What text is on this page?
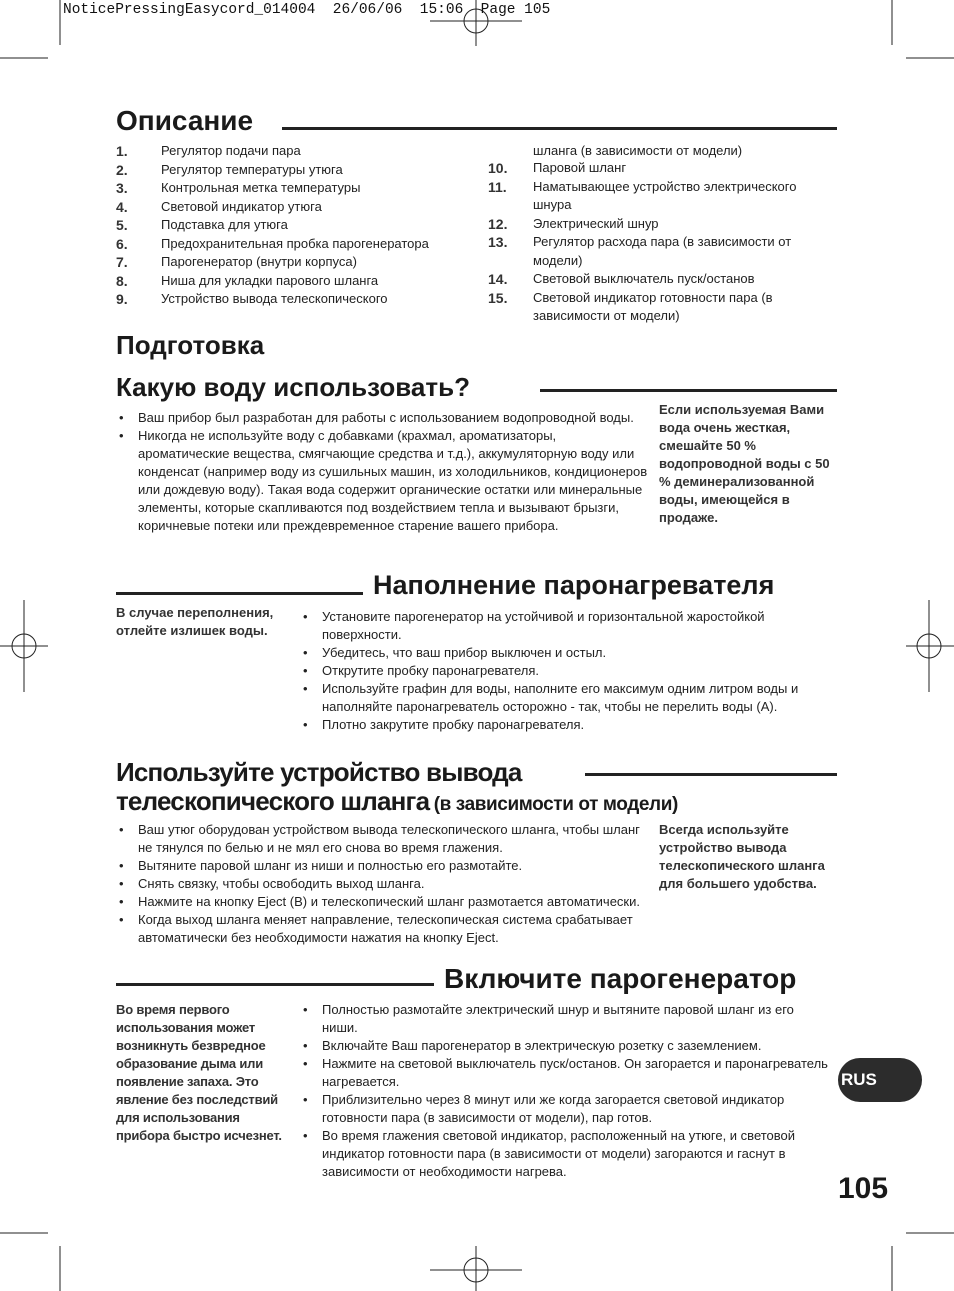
NoticePressingEasycord_014004  26/06/06  15:06  Page 105
Описание
1.	Регулятор подачи пара
2.	Регулятор температуры утюга
3.	Контрольная метка температуры
4.	Световой индикатор утюга
5.	Подставка для утюга
6.	Предохранительная пробка парогенератора
7.	Парогенератор (внутри корпуса)
8.	Ниша для укладки парового шланга
9.	Устройство вывода телескопического
шланга (в зависимости от модели)
10. Паровой шланг
11. Наматывающее устройство электрического шнура
12. Электрический шнур
13. Регулятор расхода пара (в зависимости от модели)
14. Световой выключатель пуск/останов
15. Световой индикатор готовности пара (в зависимости от модели)
Подготовка
Какую воду использовать?
• Ваш прибор был разработан для работы с использованием водопроводной воды.
• Никогда не используйте воду с добавками (крахмал, ароматизаторы, ароматические вещества, смягчающие средства и т.д.), аккумуляторную воду или конденсат (например воду из сушильных машин, из холодильников, кондиционеров или дождевую воду). Такая вода содержит органические остатки или минеральные элементы, которые скапливаются под воздействием тепла и вызывают брызги, коричневые потеки или преждевременное старение вашего прибора.

Если используемая Вами вода очень жесткая, смешайте 50 % водопроводной воды с 50 % деминерализованной воды, имеющейся в продаже.

Наполнение паронагревателя

В случае переполнения, отлейте излишек воды.

• Установите парогенератор на устойчивой и горизонтальной жаростойкой поверхности.
• Убедитесь, что ваш прибор выключен и остыл.
• Открутите пробку паронагревателя.
• Используйте графин для воды, наполните его максимум одним литром воды и наполняйте паронагреватель осторожно - так, чтобы не перелить воды (A).
• Плотно закрутите пробку паронагревателя.
Используйте устройство вывода
телескопического шланга (в зависимости от модели)
• Ваш утюг оборудован устройством вывода телескопического шланга, чтобы шланг не тянулся по белью и не мял его снова во время глажения.
• Вытяните паровой шланг из ниши и полностью его размотайте.
• Снять связку, чтобы освободить выход шланга.
• Нажмите на кнопку Eject (B) и телескопический шланг размотается автоматически.
• Когда выход шланга меняет направление, телескопическая система срабатывает автоматически без необходимости нажатия на кнопку Eject.

Всегда используйте устройство вывода телескопического шланга для большего удобства.

Включите парогенератор

Во время первого использования может возникнуть безвредное образование дыма или появление запаха. Это явление без последствий для использования прибора быстро исчезнет.

• Полностью размотайте электрический шнур и вытяните паровой шланг из его ниши.
• Включайте Ваш парогенератор в электрическую розетку с заземлением.
• Нажмите на световой выключатель пуск/останов. Он загорается и паронагреватель нагревается.
• Приблизительно через 8 минут или же когда загорается световой индикатор готовности пара (в зависимости от модели), пар готов.
• Во время глажения световой индикатор, расположенный на утюге, и световой индикатор готовности пара (в зависимости от модели) загораются и гаснут в зависимости от необходимости нагрева.
RUS
105
